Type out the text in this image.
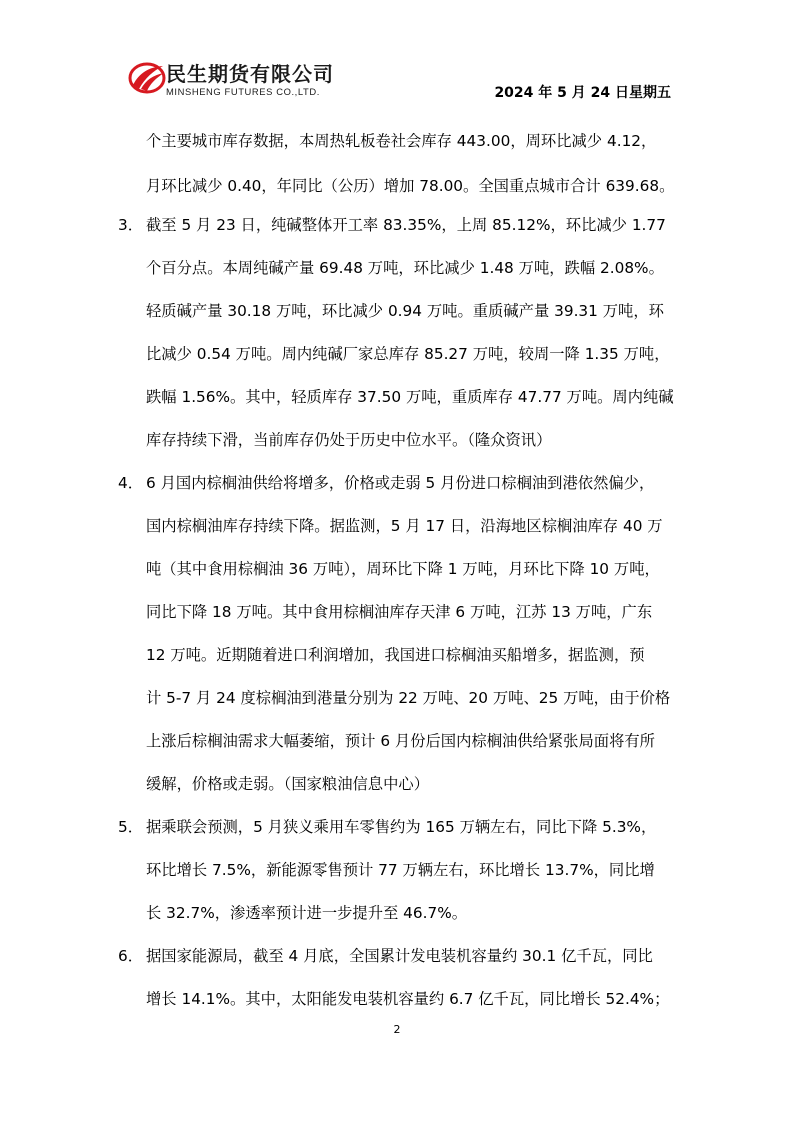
民生期货有限公司
MINSHENG FUTURES CO.,LTD.	2024 年 5 月 24 日星期五
个主要城市库存数据，本周热轧板卷社会库存 443.00，周环比减少 4.12，
月环比减少 0.40，年同比（公历）增加 78.00。全国重点城市合计 639.68。
3． 截至 5 月 23 日，纯碱整体开工率 83.35%，上周 85.12%，环比减少 1.77
个百分点。本周纯碱产量 69.48 万吨，环比减少 1.48 万吨，跌幅 2.08%。
轻质碱产量 30.18 万吨，环比减少 0.94 万吨。重质碱产量 39.31 万吨，环
比减少 0.54 万吨。周内纯碱厂家总库存 85.27 万吨，较周一降 1.35 万吨，
跌幅 1.56%。其中，轻质库存 37.50 万吨，重质库存 47.77 万吨。周内纯碱
库存持续下滑，当前库存仍处于历史中位水平。（隆众资讯）
4． 6 月国内棕榈油供给将增多，价格或走弱 5 月份进口棕榈油到港依然偏少，
国内棕榈油库存持续下降。据监测，5 月 17 日，沿海地区棕榈油库存 40 万
吨（其中食用棕榈油 36 万吨），周环比下降 1 万吨，月环比下降 10 万吨，
同比下降 18 万吨。其中食用棕榈油库存天津 6 万吨，江苏 13 万吨，广东
12 万吨。近期随着进口利润增加，我国进口棕榈油买船增多，据监测，预
计 5-7 月 24 度棕榈油到港量分别为 22 万吨、20 万吨、25 万吨，由于价格
上涨后棕榈油需求大幅萎缩，预计 6 月份后国内棕榈油供给紧张局面将有所
缓解，价格或走弱。（国家粮油信息中心）
5． 据乘联会预测，5 月狭义乘用车零售约为 165 万辆左右，同比下降 5.3%，
环比增长 7.5%，新能源零售预计 77 万辆左右，环比增长 13.7%，同比增
长 32.7%，渗透率预计进一步提升至 46.7%。
6． 据国家能源局，截至 4 月底，全国累计发电装机容量约 30.1 亿千瓦，同比
增长 14.1%。其中，太阳能发电装机容量约 6.7 亿千瓦，同比增长 52.4%；
2
